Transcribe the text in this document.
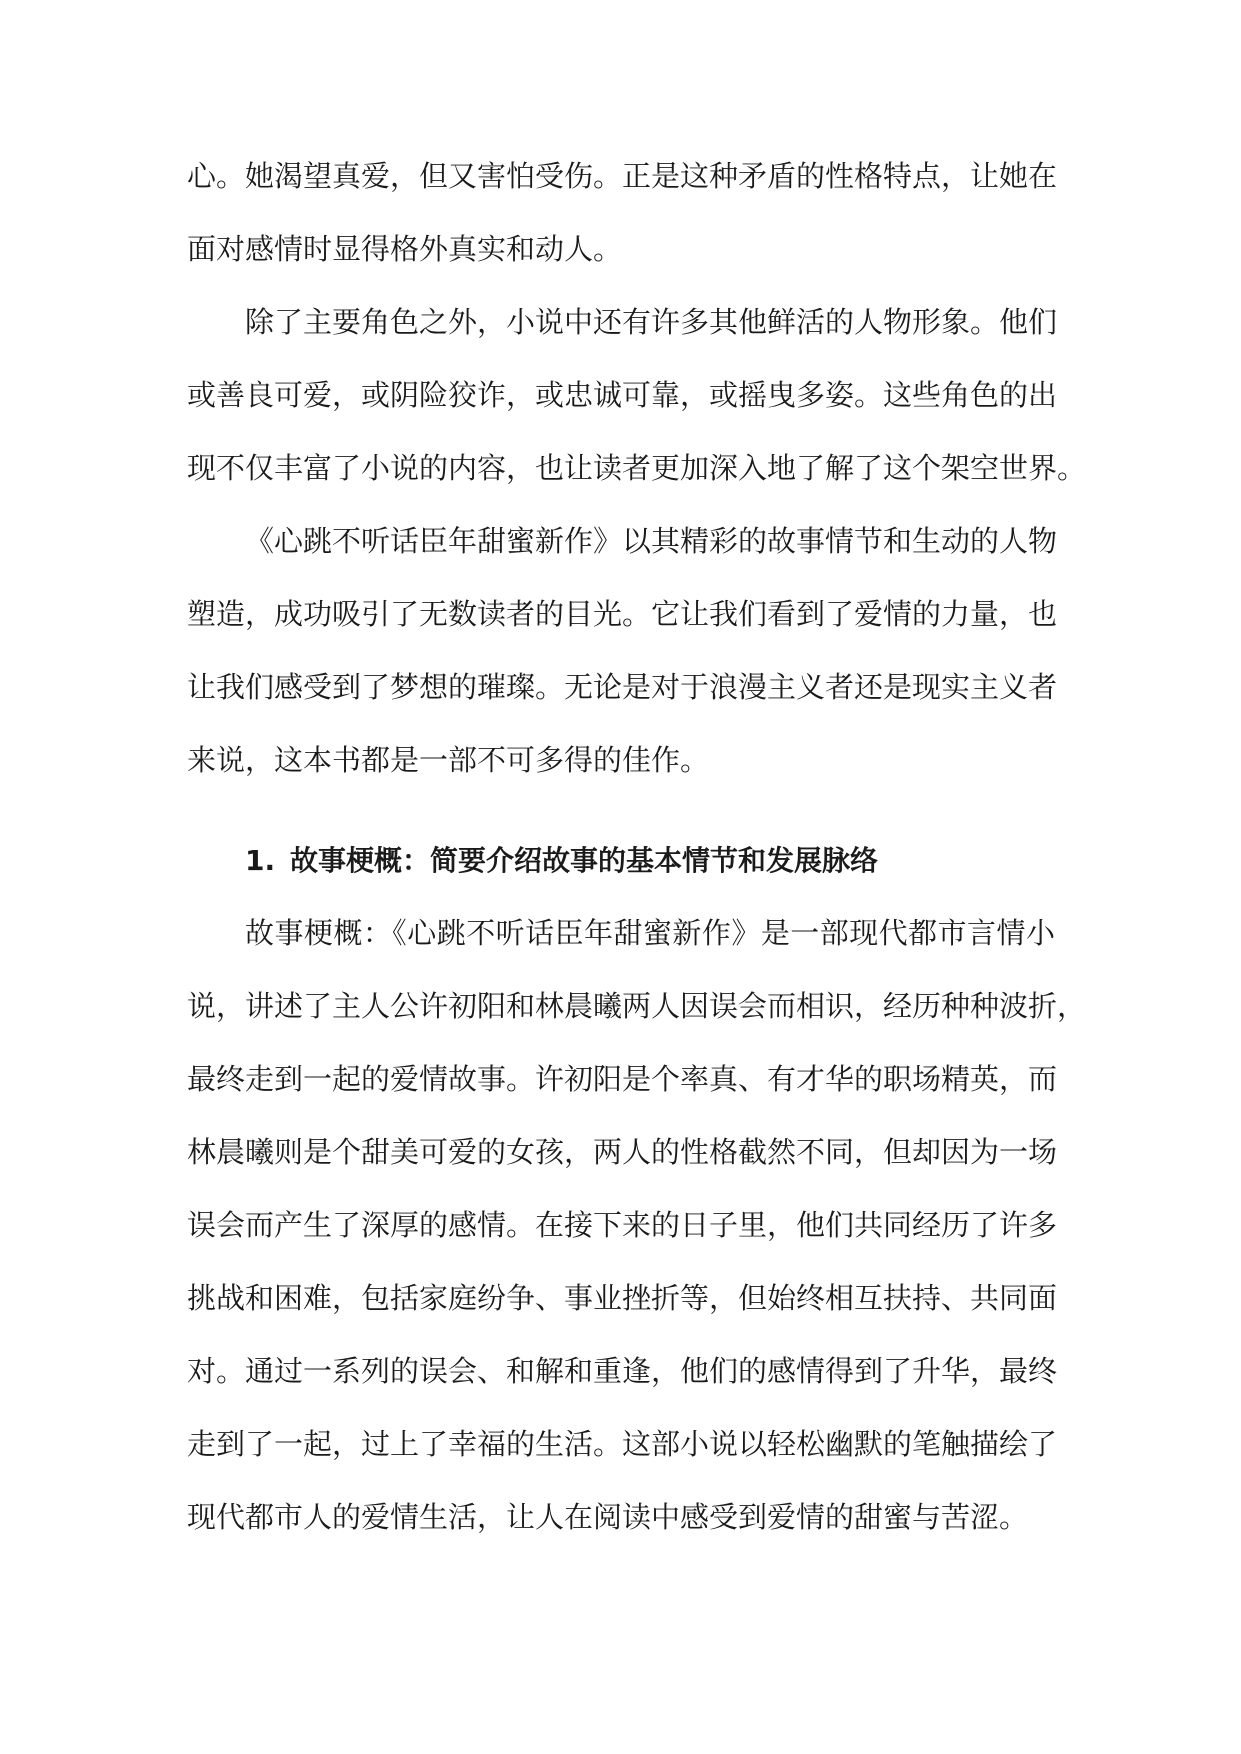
心。她渴望真爱，但又害怕受伤。正是这种矛盾的性格特点，让她在
面对感情时显得格外真实和动人。

除了主要角色之外，小说中还有许多其他鲜活的人物形象。他们
或善良可爱，或阴险狡诈，或忠诚可靠，或摇曳多姿。这些角色的出
现不仅丰富了小说的内容，也让读者更加深入地了解了这个架空世界。

《心跳不听话臣年甜蜜新作》以其精彩的故事情节和生动的人物
塑造，成功吸引了无数读者的目光。它让我们看到了爱情的力量，也
让我们感受到了梦想的璀璨。无论是对于浪漫主义者还是现实主义者
来说，这本书都是一部不可多得的佳作。

1. 故事梗概：简要介绍故事的基本情节和发展脉络

故事梗概：《心跳不听话臣年甜蜜新作》是一部现代都市言情小
说，讲述了主人公许初阳和林晨曦两人因误会而相识，经历种种波折，
最终走到一起的爱情故事。许初阳是个率真、有才华的职场精英，而
林晨曦则是个甜美可爱的女孩，两人的性格截然不同，但却因为一场
误会而产生了深厚的感情。在接下来的日子里，他们共同经历了许多
挑战和困难，包括家庭纷争、事业挫折等，但始终相互扶持、共同面
对。通过一系列的误会、和解和重逢，他们的感情得到了升华，最终
走到了一起，过上了幸福的生活。这部小说以轻松幽默的笔触描绘了
现代都市人的爱情生活，让人在阅读中感受到爱情的甜蜜与苦涩。
